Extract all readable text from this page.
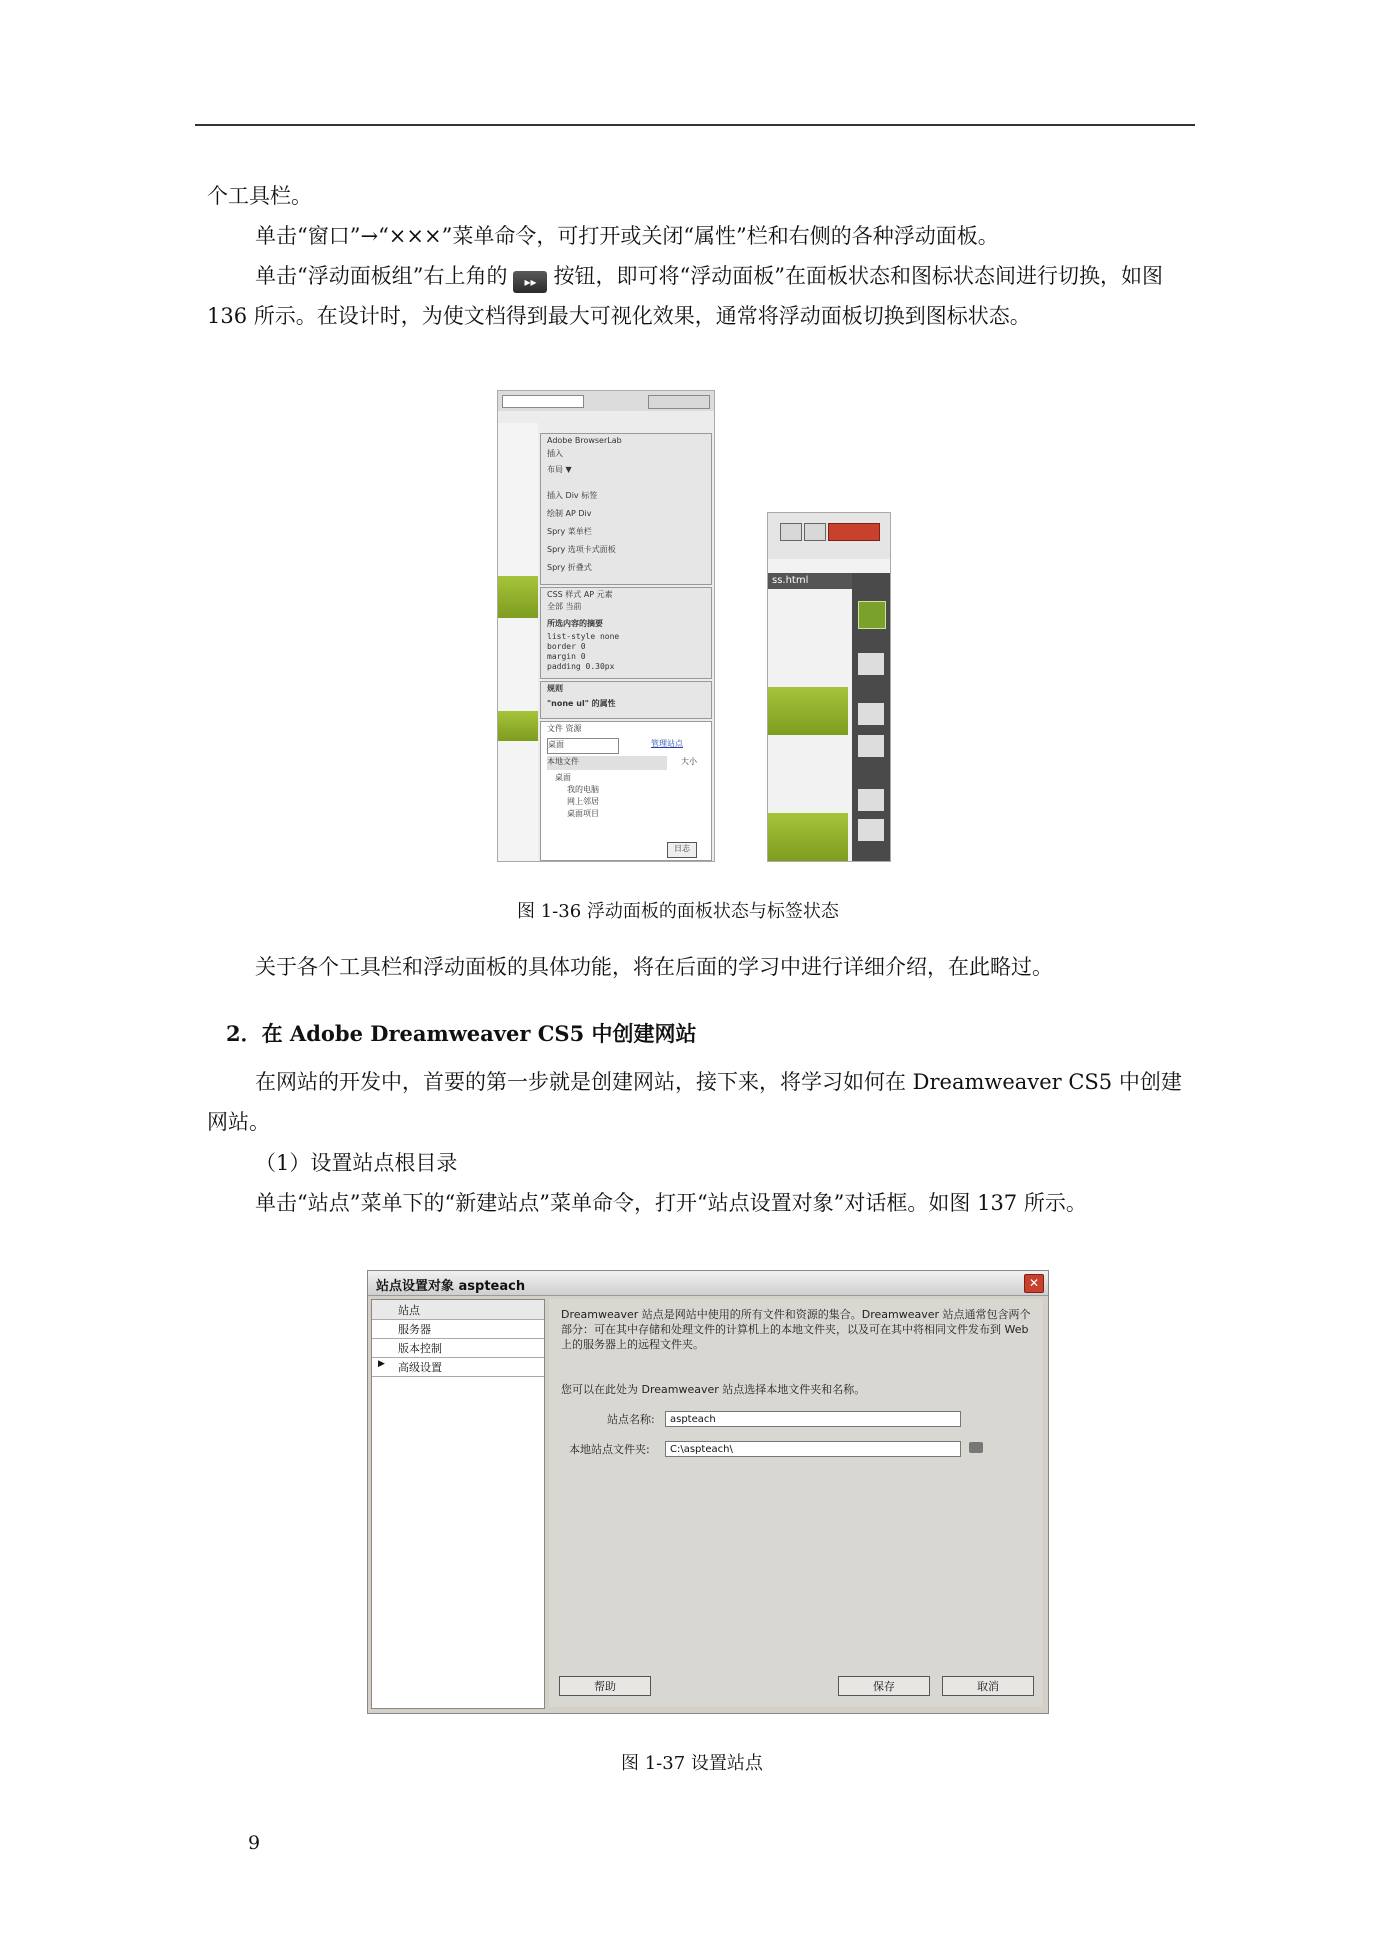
个工具栏。
单击“窗口”→“×××”菜单命令，可打开或关闭“属性”栏和右侧的各种浮动面板。
单击“浮动面板组”右上角的 ▸▸ 按钮，即可将“浮动面板”在面板状态和图标状态间进行切换，如图 136 所示。在设计时，为使文档得到最大可视化效果，通常将浮动面板切换到图标状态。
Adobe BrowserLab
插入
布局 ▼
插入 Div 标签
绘制 AP Div
Spry 菜单栏
Spry 选项卡式面板
Spry 折叠式
CSS 样式 AP 元素
全部 当前
所选内容的摘要
list-style none
border 0
margin 0
padding 0.30px
规则
"none ul" 的属性
文件 资源
桌面	管理站点
本地文件	大小
桌面
我的电脑
网上邻居
桌面项目
日志
ss.html
图 1-36 浮动面板的面板状态与标签状态
关于各个工具栏和浮动面板的具体功能，将在后面的学习中进行详细介绍，在此略过。
2．在 Adobe Dreamweaver CS5 中创建网站
在网站的开发中，首要的第一步就是创建网站，接下来，将学习如何在 Dreamweaver CS5 中创建网站。
（1）设置站点根目录
单击“站点”菜单下的“新建站点”菜单命令，打开“站点设置对象”对话框。如图 137 所示。
站点设置对象 aspteach	✕
站点
服务器
版本控制
▶ 高级设置
Dreamweaver 站点是网站中使用的所有文件和资源的集合。Dreamweaver 站点通常包含两个部分：可在其中存储和处理文件的计算机上的本地文件夹，以及可在其中将相同文件发布到 Web 上的服务器上的远程文件夹。
您可以在此处为 Dreamweaver 站点选择本地文件夹和名称。
站点名称:	aspteach
本地站点文件夹:	C:\aspteach\
帮助	保存	取消
图 1-37 设置站点
9
